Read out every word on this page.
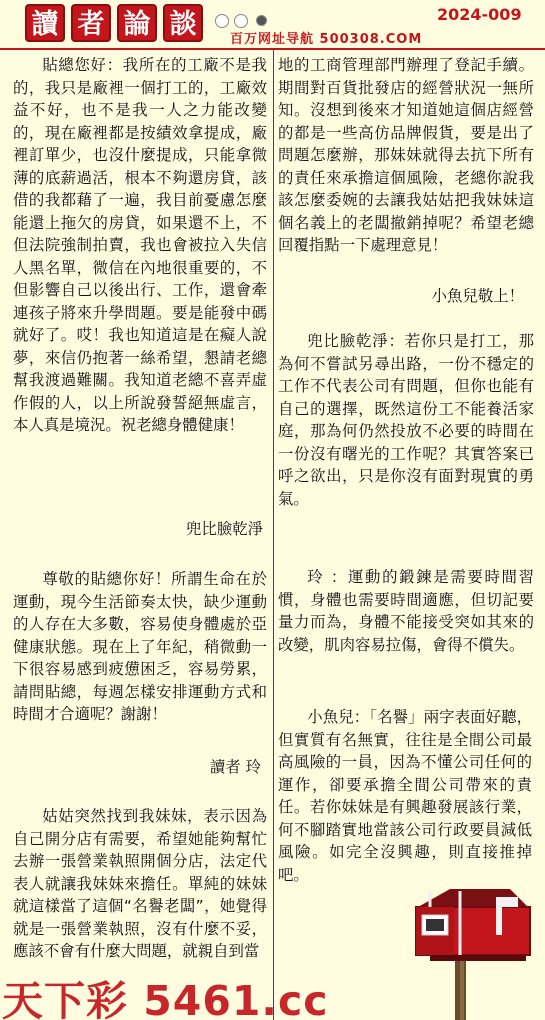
讀 者 論 談	2024-009
百万网址导航 500308.COM

貼總您好：我所在的工廠不是我的，我只是廠裡一個打工的，工廠效益不好，也不是我一人之力能改變的，現在廠裡都是按績效拿提成，廠裡訂單少，也沒什麼提成，只能拿微薄的底薪過活，根本不夠還房貸，該借的我都藉了一遍，我目前憂慮怎麼能還上拖欠的房貸，如果還不上，不但法院強制拍賣，我也會被拉入失信人黑名單，微信在內地很重要的，不但影響自己以後出行、工作，還會牽連孩子將來升學問題。要是能發中碼就好了。哎！我也知道這是在癡人說夢，來信仍抱著一絲希望，懇請老總幫我渡過難關。我知道老總不喜弄虛作假的人，以上所說發誓絕無虛言，本人真是境況。祝老總身體健康！

兜比臉乾淨

尊敬的貼總你好！所謂生命在於運動，現今生活節奏太快，缺少運動的人存在大多數，容易使身體處於亞健康狀態。現在上了年紀，稍微動一下很容易感到疲憊困乏，容易勞累，請問貼總，每週怎樣安排運動方式和時間才合適呢？謝謝！

讀者 玲

姑姑突然找到我妹妹，表示因為自己開分店有需要，希望她能夠幫忙去辦一張營業執照開個分店，法定代表人就讓我妹妹來擔任。單純的妹妹就這樣當了這個“名譽老闆”，她覺得就是一張營業執照，沒有什麼不妥，應該不會有什麼大問題，就親自到當

地的工商管理部門辦理了登記手續。期間對百貨批發店的經營狀況一無所知。沒想到後來才知道她這個店經營的都是一些高仿品牌假貨，要是出了問題怎麼辦，那妹妹就得去抗下所有的責任來承擔這個風險，老總你說我該怎麼委婉的去讓我姑姑把我妹妹這個名義上的老闆撤銷掉呢？希望老總回覆指點一下處理意見！

小魚兒敬上！

兜比臉乾淨：若你只是打工，那為何不嘗試另尋出路，一份不穩定的工作不代表公司有問題，但你也能有自己的選擇，既然這份工不能養活家庭，那為何仍然投放不必要的時間在一份沒有曙光的工作呢？其實答案已呼之欲出，只是你沒有面對現實的勇氣。

玲 ：運動的鍛鍊是需要時間習慣，身體也需要時間適應，但切記要量力而為，身體不能接受突如其來的改變，肌肉容易拉傷，會得不償失。

小魚兒：「名譽」兩字表面好聽，但實質有名無實，往往是全間公司最高風險的一員，因為不懂公司任何的運作，卻要承擔全間公司帶來的責任。若你妹妹是有興趣發展該行業，何不腳踏實地當該公司行政要員減低風險。如完全沒興趣，則直接推掉吧。

天下彩 5461.cc
